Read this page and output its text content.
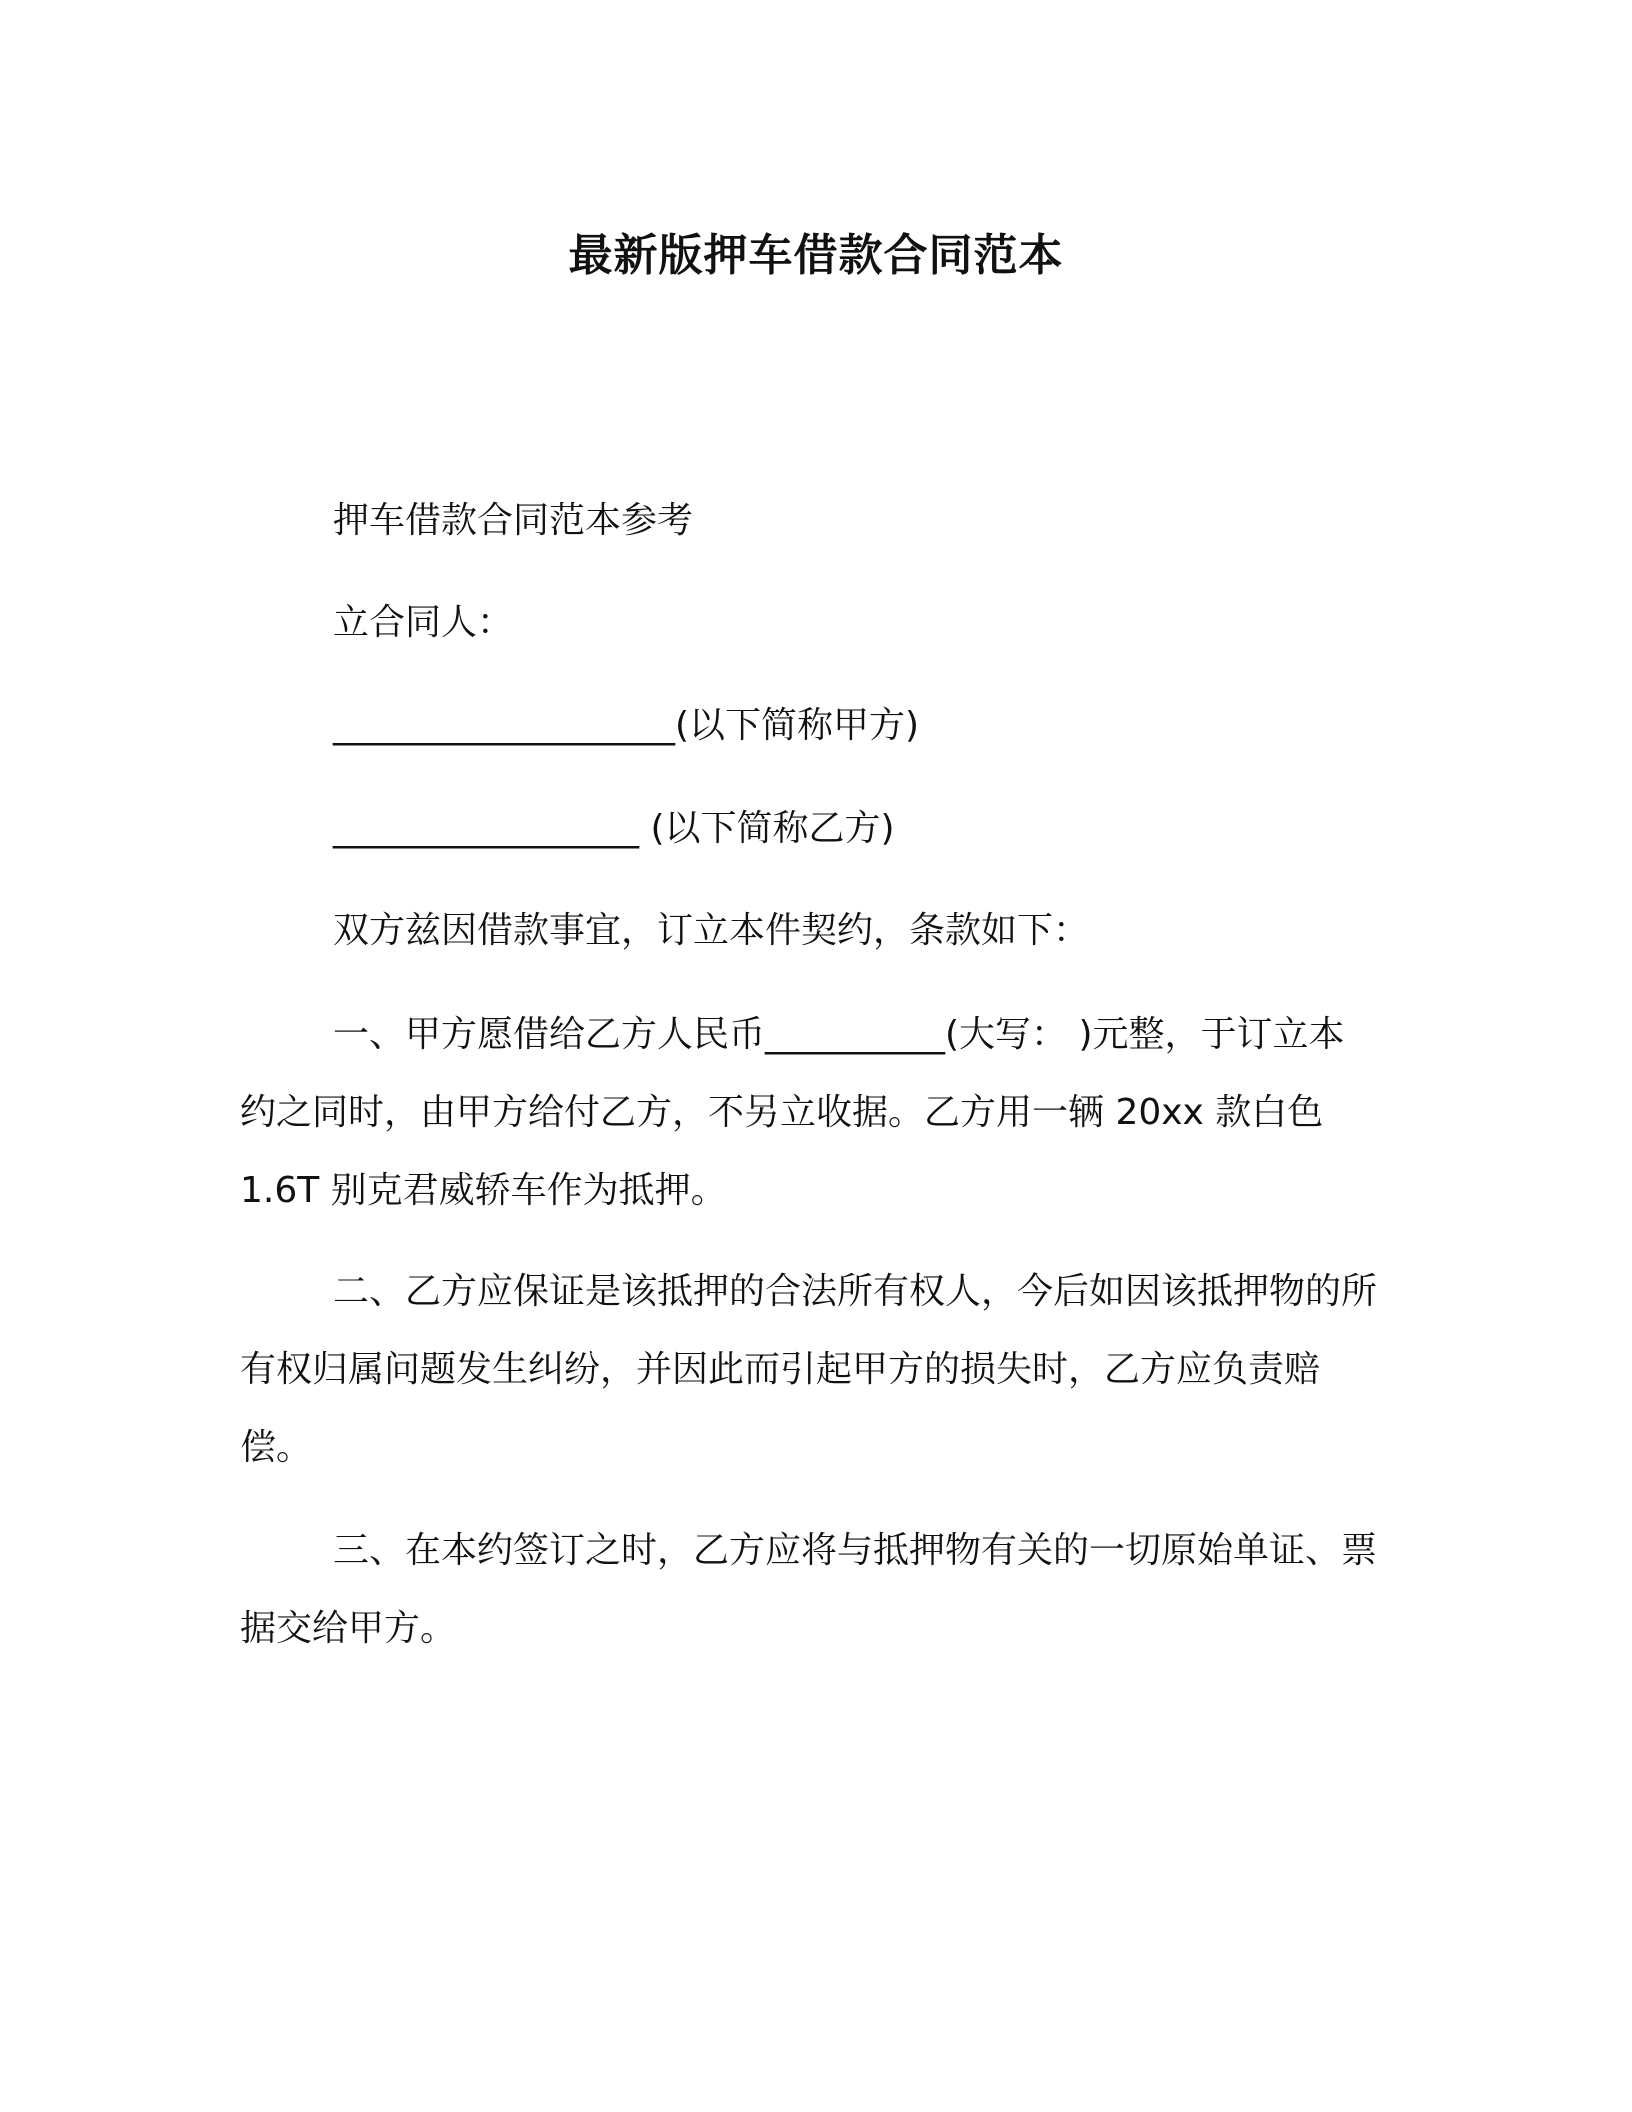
最新版押车借款合同范本
押车借款合同范本参考
立合同人：
___________________(以下简称甲方)
_________________ (以下简称乙方)
双方兹因借款事宜，订立本件契约，条款如下：
一、甲方愿借给乙方人民币__________(大写： )元整，于订立本约之同时，由甲方给付乙方，不另立收据。乙方用一辆 20xx 款白色 1.6T 别克君威轿车作为抵押。
二、乙方应保证是该抵押的合法所有权人，今后如因该抵押物的所有权归属问题发生纠纷，并因此而引起甲方的损失时，乙方应负责赔偿。
三、在本约签订之时，乙方应将与抵押物有关的一切原始单证、票据交给甲方。
